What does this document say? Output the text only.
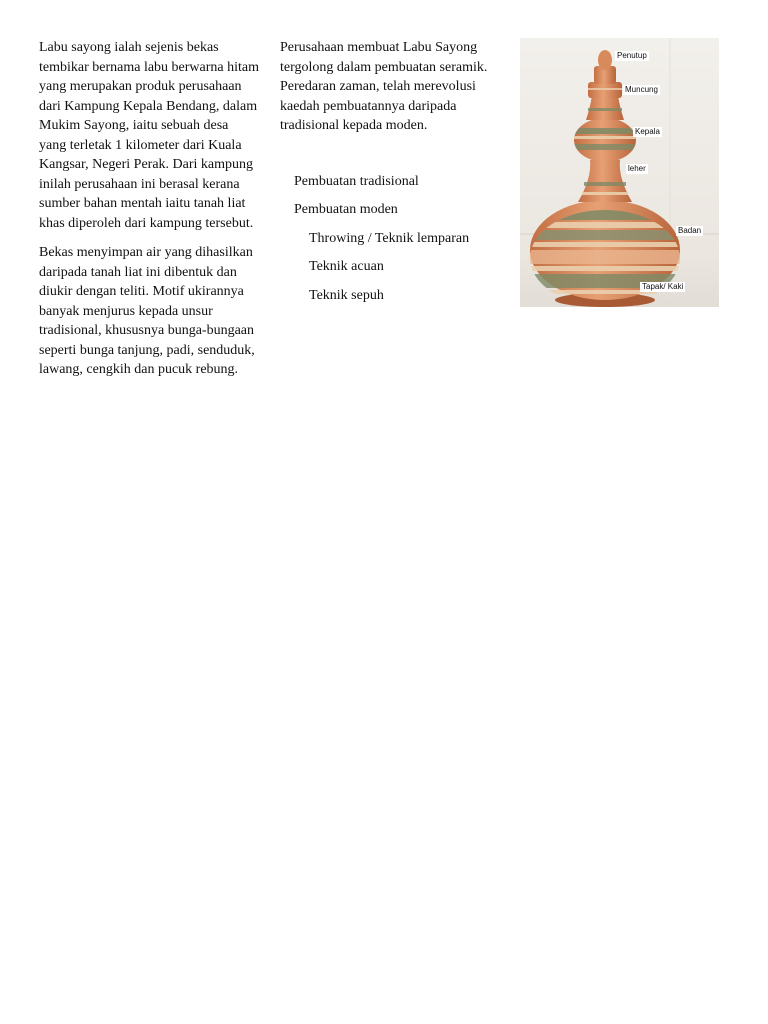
Labu sayong ialah sejenis bekas tembikar bernama labu berwarna hitam yang merupakan produk perusahaan dari Kampung Kepala Bendang, dalam Mukim Sayong, iaitu sebuah desa yang terletak 1 kilometer dari Kuala Kangsar, Negeri Perak. Dari kampung inilah perusahaan ini berasal kerana sumber bahan mentah iaitu tanah liat khas diperoleh dari kampung tersebut.

Bekas menyimpan air yang dihasilkan daripada tanah liat ini dibentuk dan diukir dengan teliti. Motif ukirannya banyak menjurus kepada unsur tradisional, khususnya bunga-bungaan seperti bunga tanjung, padi, senduduk, lawang, cengkih dan pucuk rebung.

Perusahaan membuat Labu Sayong tergolong dalam pembuatan seramik. Peredaran zaman, telah merevolusi kaedah pembuatannya daripada tradisional kepada moden.

Pembuatan tradisional
Pembuatan moden
Throwing / Teknik lemparan
Teknik acuan
Teknik sepuh
Penutup
Muncung
Kepala
leher
Badan
Tapak/ Kaki
